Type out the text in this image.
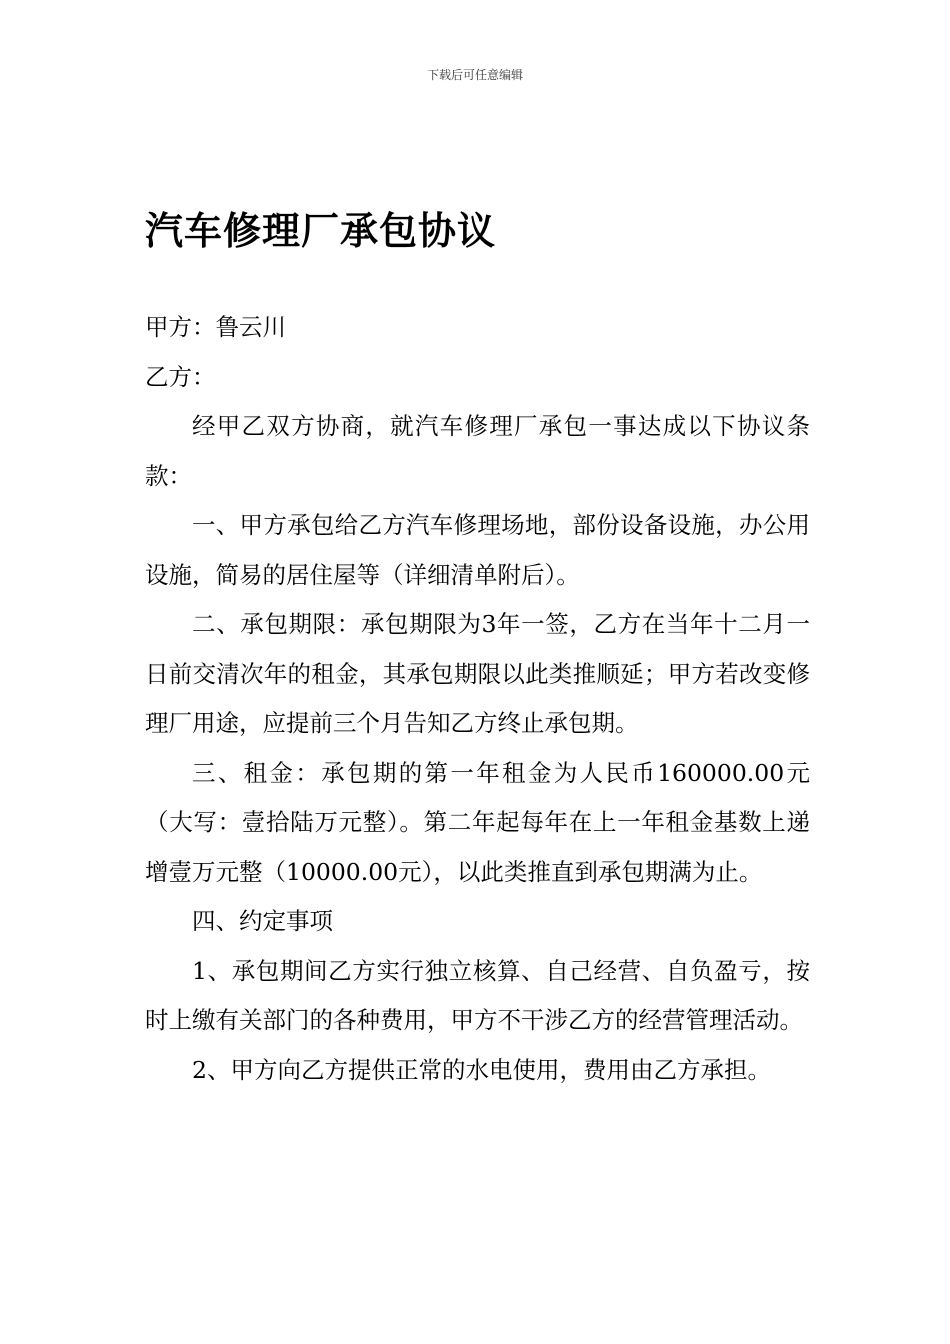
下载后可任意编辑
汽车修理厂承包协议

甲方：鲁云川

乙方：

经甲乙双方协商，就汽车修理厂承包一事达成以下协议条款：

一、甲方承包给乙方汽车修理场地，部份设备设施，办公用设施，简易的居住屋等（详细清单附后）。

二、承包期限：承包期限为3年一签，乙方在当年十二月一日前交清次年的租金，其承包期限以此类推顺延；甲方若改变修理厂用途，应提前三个月告知乙方终止承包期。

三、租金：承包期的第一年租金为人民币160000.00元（大写：壹拾陆万元整）。第二年起每年在上一年租金基数上递增壹万元整（10000.00元），以此类推直到承包期满为止。

四、约定事项

1、承包期间乙方实行独立核算、自己经营、自负盈亏，按时上缴有关部门的各种费用，甲方不干涉乙方的经营管理活动。

2、甲方向乙方提供正常的水电使用，费用由乙方承担。
